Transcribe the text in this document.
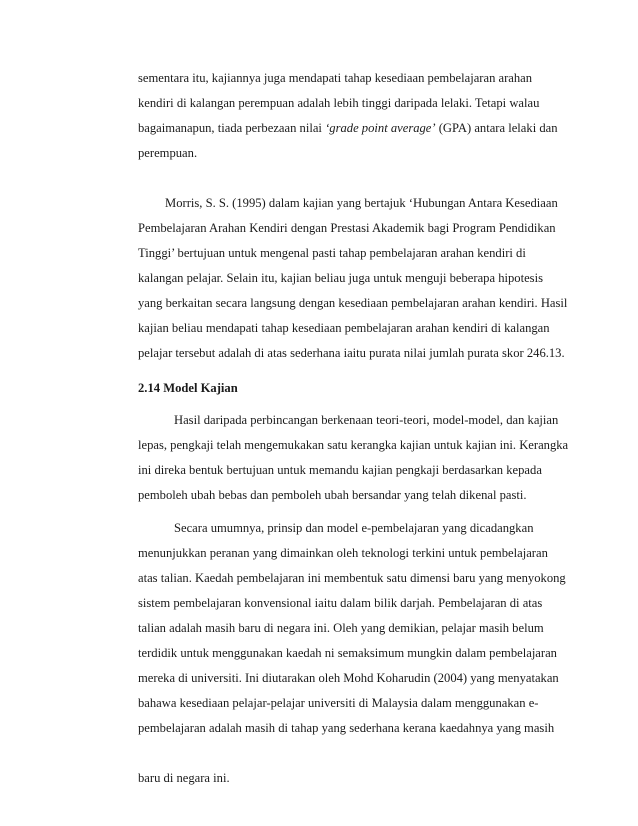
sementara itu, kajiannya juga mendapati tahap kesediaan pembelajaran arahan

kendiri di kalangan perempuan adalah lebih tinggi daripada lelaki. Tetapi walau

bagaimanapun, tiada perbezaan nilai ‘grade point average’ (GPA) antara lelaki dan

perempuan.

Morris, S. S. (1995) dalam kajian yang bertajuk ‘Hubungan Antara Kesediaan

Pembelajaran Arahan Kendiri dengan Prestasi Akademik bagi Program Pendidikan

Tinggi’ bertujuan untuk mengenal pasti tahap pembelajaran arahan kendiri di

kalangan pelajar. Selain itu, kajian beliau juga untuk menguji beberapa hipotesis

yang berkaitan secara langsung dengan kesediaan pembelajaran arahan kendiri. Hasil

kajian beliau mendapati tahap kesediaan pembelajaran arahan kendiri di kalangan

pelajar tersebut adalah di atas sederhana iaitu purata nilai jumlah purata skor 246.13.

2.14 Model Kajian

Hasil daripada perbincangan berkenaan teori-teori, model-model, dan kajian

lepas, pengkaji telah mengemukakan satu kerangka kajian untuk kajian ini. Kerangka

ini direka bentuk bertujuan untuk memandu kajian pengkaji berdasarkan kepada

pemboleh ubah bebas dan pemboleh ubah bersandar yang telah dikenal pasti.

Secara umumnya, prinsip dan model e-pembelajaran yang dicadangkan

menunjukkan peranan yang dimainkan oleh teknologi terkini untuk pembelajaran

atas talian. Kaedah pembelajaran ini membentuk satu dimensi baru yang menyokong

sistem pembelajaran konvensional iaitu dalam bilik darjah. Pembelajaran di atas

talian adalah masih baru di negara ini. Oleh yang demikian, pelajar masih belum

terdidik untuk menggunakan kaedah ni semaksimum mungkin dalam pembelajaran

mereka di universiti. Ini diutarakan oleh Mohd Koharudin (2004) yang menyatakan

bahawa kesediaan pelajar-pelajar universiti di Malaysia dalam menggunakan e-

pembelajaran adalah masih di tahap yang sederhana kerana kaedahnya yang masih

baru di negara ini.
